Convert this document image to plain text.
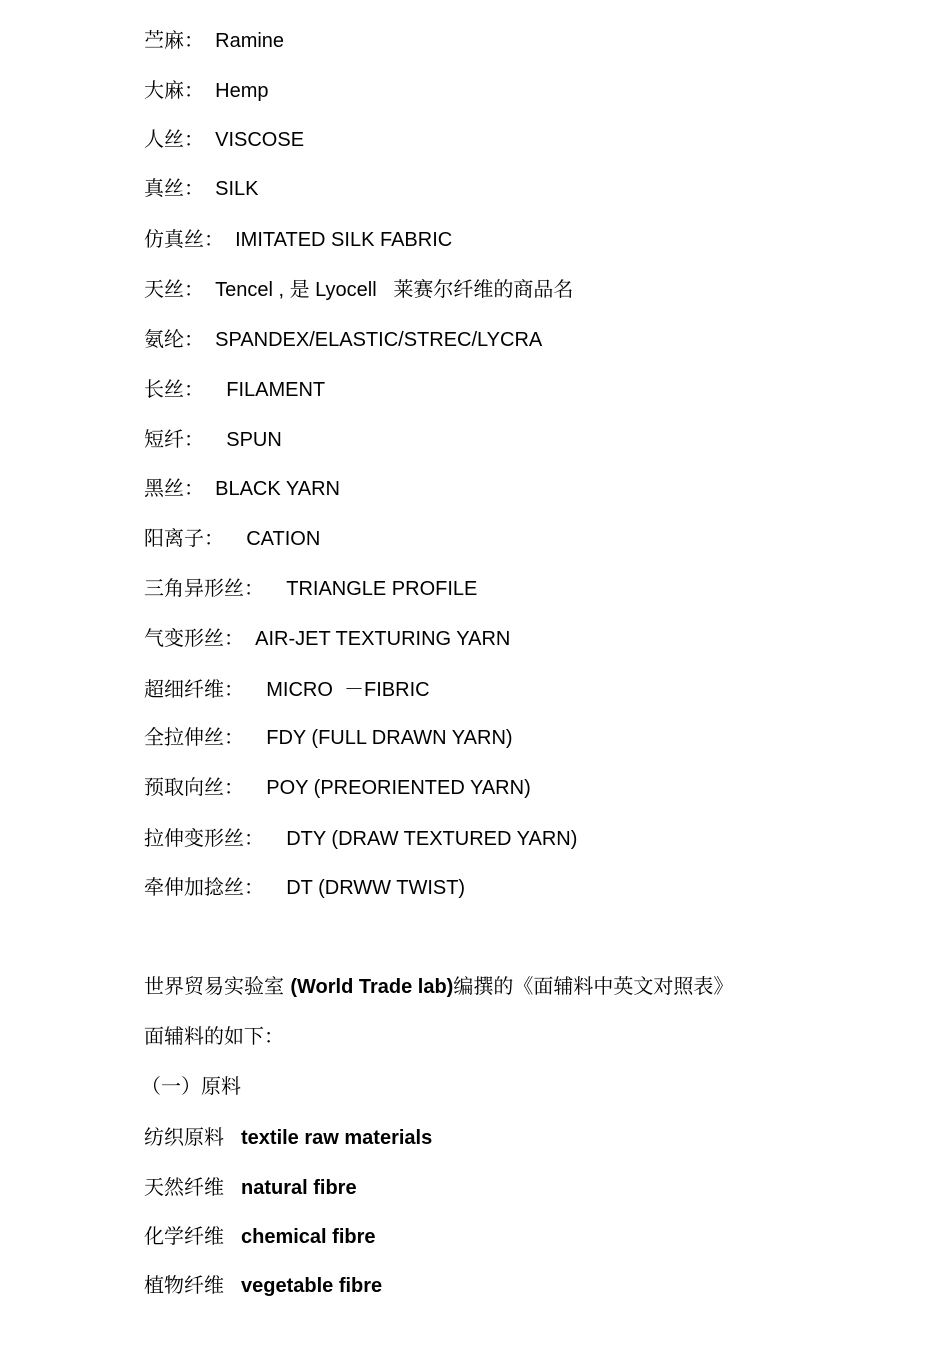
苎麻： Ramine
大麻： Hemp
人丝： VISCOSE
真丝： SILK
仿真丝： IMITATED SILK FABRIC
天丝： Tencel , 是 Lyocell   莱赛尔纤维的商品名
氨纶： SPANDEX/ELASTIC/STREC/LYCRA
长丝： FILAMENT
短纤： SPUN
黑丝： BLACK YARN
阳离子： CATION
三角异形丝： TRIANGLE PROFILE
气变形丝： AIR-JET TEXTURING YARN
超细纤维： MICRO  －FIBRIC
全拉伸丝： FDY (FULL DRAWN YARN)
预取向丝： POY (PREORIENTED YARN)
拉伸变形丝： DTY (DRAW TEXTURED YARN)
牵伸加捻丝： DT (DRWW TWIST)
世界贸易实验室 (World Trade lab)编撰的《面辅料中英文对照表》
面辅料的如下：
（一）原料
纺织原料 textile raw materials
天然纤维 natural fibre
化学纤维 chemical fibre
植物纤维 vegetable fibre
